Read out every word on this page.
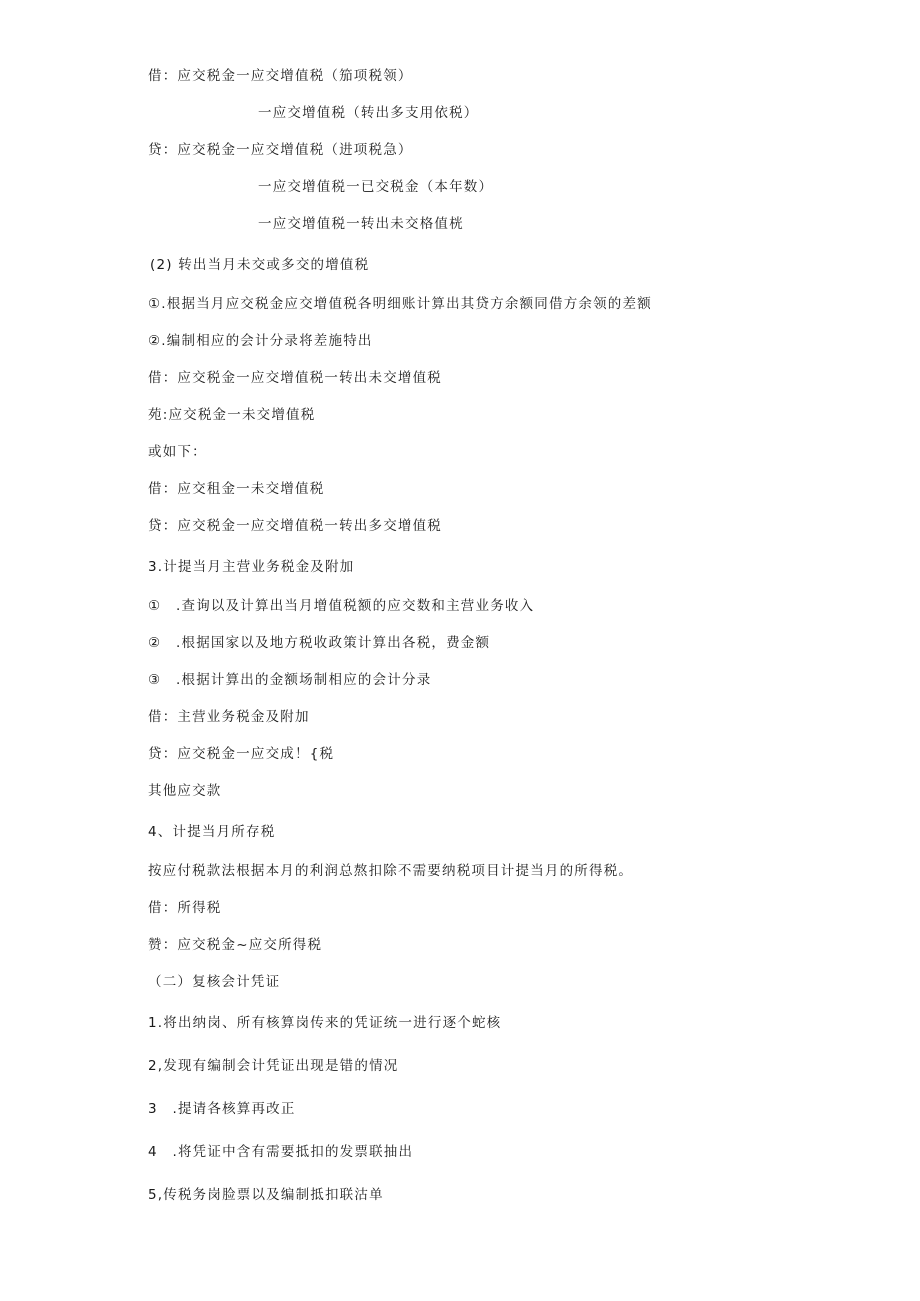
借：应交税金一应交增值税（笳项税领）
一应交增值税（转出多支用依税）
贷：应交税金一应交增值税（进项税急）
一应交增值税一已交税金（本年数）
一应交增值税一转出未交格值桄
(2) 转出当月未交或多交的增值税
①.根据当月应交税金应交增值税各明细账计算出其贷方余额同借方余领的差额
②.编制相应的会计分录将差施特出
借：应交税金一应交增值税一转出未交增值税
苑:应交税金一未交增值税
或如下：
借：应交租金一未交增值税
贷：应交税金一应交增值税一转出多交增值税
3.计提当月主营业务税金及附加
①　.查询以及计算出当月增值税额的应交数和主营业务收入
②　.根据国家以及地方税收政策计算出各税，费金额
③　.根据计算出的金额场制相应的会计分录
借：主营业务税金及附加
贷：应交税金一应交成！{税
其他应交款
4、计提当月所存税
按应付税款法根据本月的利润总熬扣除不需要纳税项目计提当月的所得税。
借：所得税
赞：应交税金~应交所得税
（二）复核会计凭证
1.将出纳岗、所有核算岗传来的凭证统一进行逐个蛇核
2,发现有编制会计凭证出现是错的情况
3　.提请各核算再改正
4　.将凭证中含有需要抵扣的发票联抽出
5,传税务岗脸票以及编制抵扣联沽单
